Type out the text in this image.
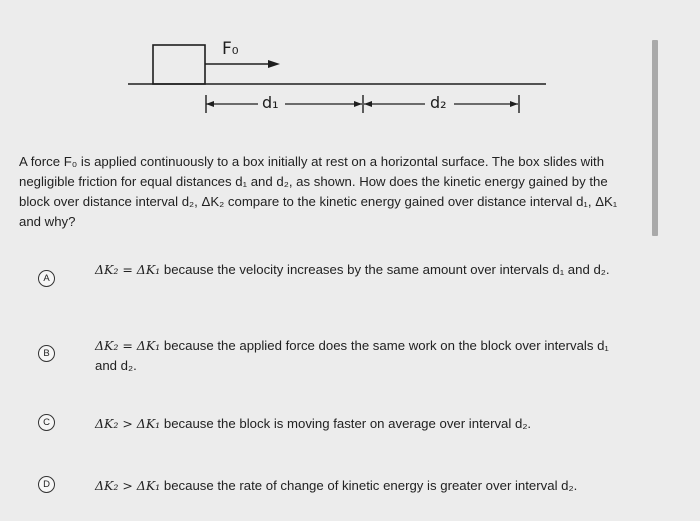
F₀
d₁	d₂
A force F₀ is applied continuously to a box initially at rest on a horizontal surface. The box slides with negligible friction for equal distances d₁ and d₂, as shown. How does the kinetic energy gained by the block over distance interval d₂, ΔK₂ compare to the kinetic energy gained over distance interval d₁, ΔK₁ and why?
A
ΔK₂ = ΔK₁ because the velocity increases by the same amount over intervals d₁ and d₂.
B
ΔK₂ = ΔK₁ because the applied force does the same work on the block over intervals d₁ and d₂.
C	ΔK₂ > ΔK₁ because the block is moving faster on average over interval d₂.
D	ΔK₂ > ΔK₁ because the rate of change of kinetic energy is greater over interval d₂.
